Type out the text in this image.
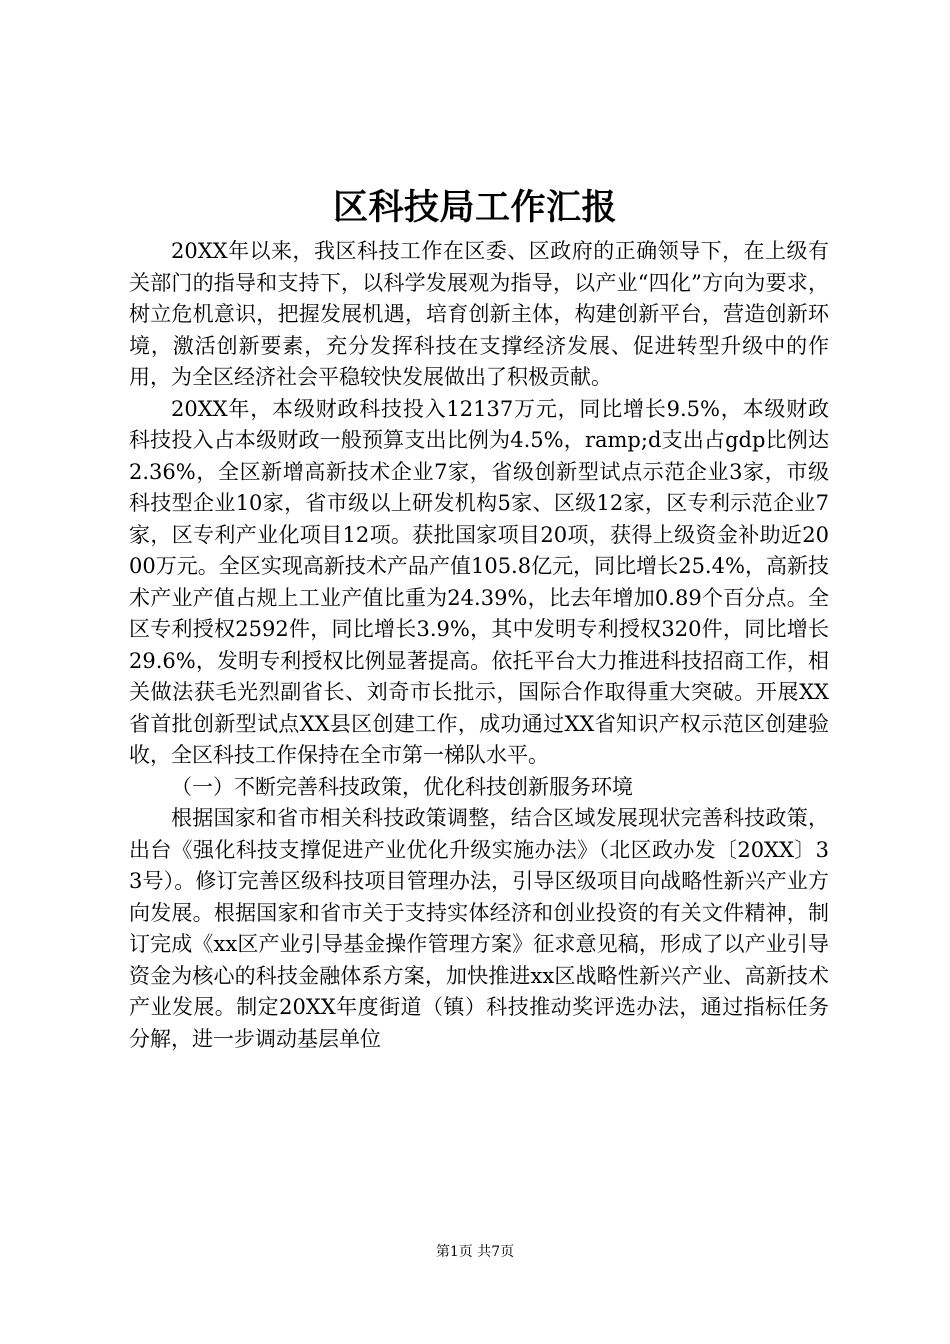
区科技局工作汇报

20XX年以来，我区科技工作在区委、区政府的正确领导下，在上级有关部门的指导和支持下，以科学发展观为指导，以产业“四化”方向为要求，树立危机意识，把握发展机遇，培育创新主体，构建创新平台，营造创新环境，激活创新要素，充分发挥科技在支撑经济发展、促进转型升级中的作用，为全区经济社会平稳较快发展做出了积极贡献。

20XX年，本级财政科技投入12137万元，同比增长9.5%，本级财政科技投入占本级财政一般预算支出比例为4.5%，ramp;d支出占gdp比例达2.36%，全区新增高新技术企业7家，省级创新型试点示范企业3家，市级科技型企业10家，省市级以上研发机构5家、区级12家，区专利示范企业7家，区专利产业化项目12项。获批国家项目20项，获得上级资金补助近2000万元。全区实现高新技术产品产值105.8亿元，同比增长25.4%，高新技术产业产值占规上工业产值比重为24.39%，比去年增加0.89个百分点。全区专利授权2592件，同比增长3.9%，其中发明专利授权320件，同比增长29.6%，发明专利授权比例显著提高。依托平台大力推进科技招商工作，相关做法获毛光烈副省长、刘奇市长批示，国际合作取得重大突破。开展XX省首批创新型试点XX县区创建工作，成功通过XX省知识产权示范区创建验收，全区科技工作保持在全市第一梯队水平。

（一）不断完善科技政策，优化科技创新服务环境

根据国家和省市相关科技政策调整，结合区域发展现状完善科技政策，出台《强化科技支撑促进产业优化升级实施办法》（北区政办发〔20XX〕33号）。修订完善区级科技项目管理办法，引导区级项目向战略性新兴产业方向发展。根据国家和省市关于支持实体经济和创业投资的有关文件精神，制订完成《xx区产业引导基金操作管理方案》征求意见稿，形成了以产业引导资金为核心的科技金融体系方案，加快推进xx区战略性新兴产业、高新技术产业发展。制定20XX年度街道（镇）科技推动奖评选办法，通过指标任务分解，进一步调动基层单位

第1页 共7页
